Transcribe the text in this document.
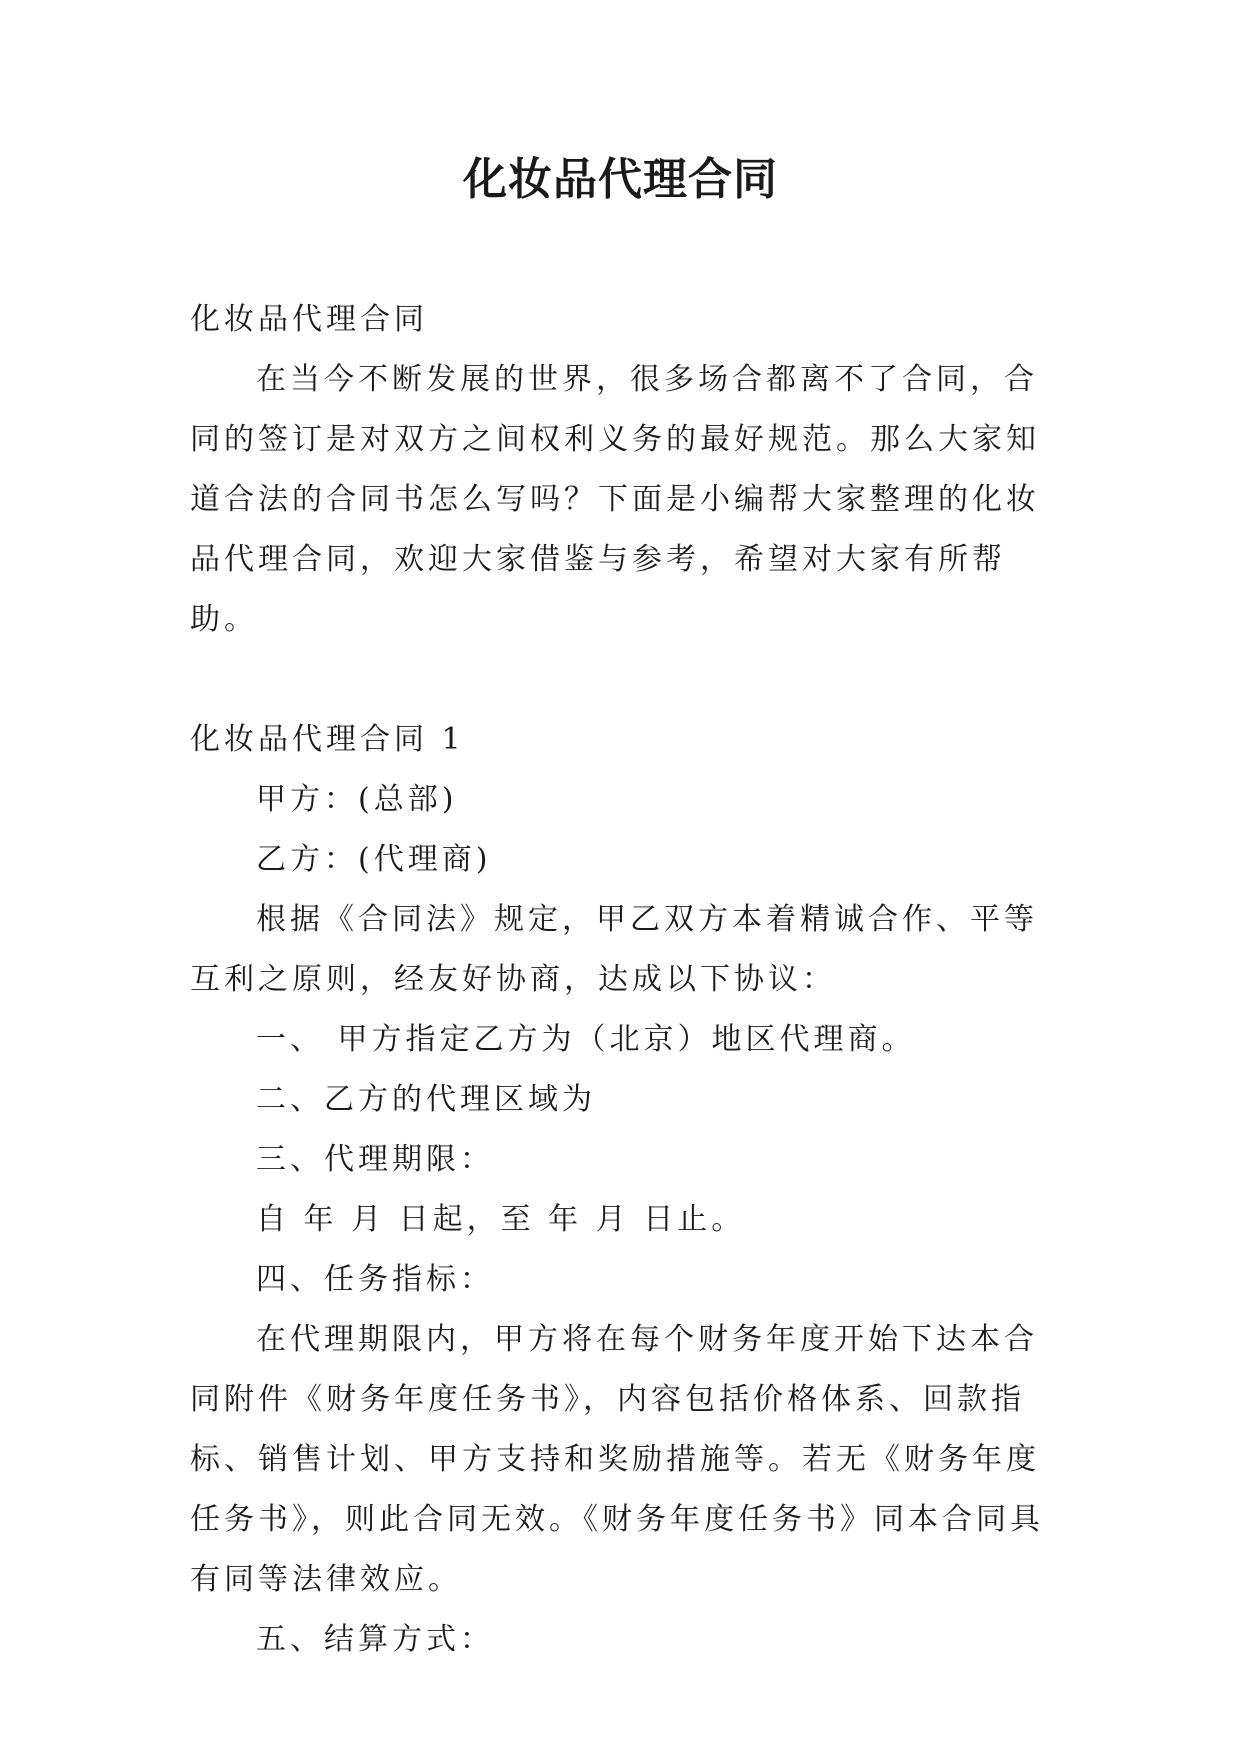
化妆品代理合同

化妆品代理合同

在当今不断发展的世界，很多场合都离不了合同，合同的签订是对双方之间权利义务的最好规范。那么大家知道合法的合同书怎么写吗？下面是小编帮大家整理的化妆品代理合同，欢迎大家借鉴与参考，希望对大家有所帮助。

化妆品代理合同 1

甲方：(总部)

乙方：(代理商)

根据《合同法》规定，甲乙双方本着精诚合作、平等互利之原则，经友好协商，达成以下协议：

一、 甲方指定乙方为（北京）地区代理商。

二、乙方的代理区域为

三、代理期限：

自 年 月 日起，至 年 月 日止。

四、任务指标：

在代理期限内，甲方将在每个财务年度开始下达本合同附件《财务年度任务书》，内容包括价格体系、回款指标、销售计划、甲方支持和奖励措施等。若无《财务年度任务书》，则此合同无效。《财务年度任务书》同本合同具有同等法律效应。

五、结算方式：
